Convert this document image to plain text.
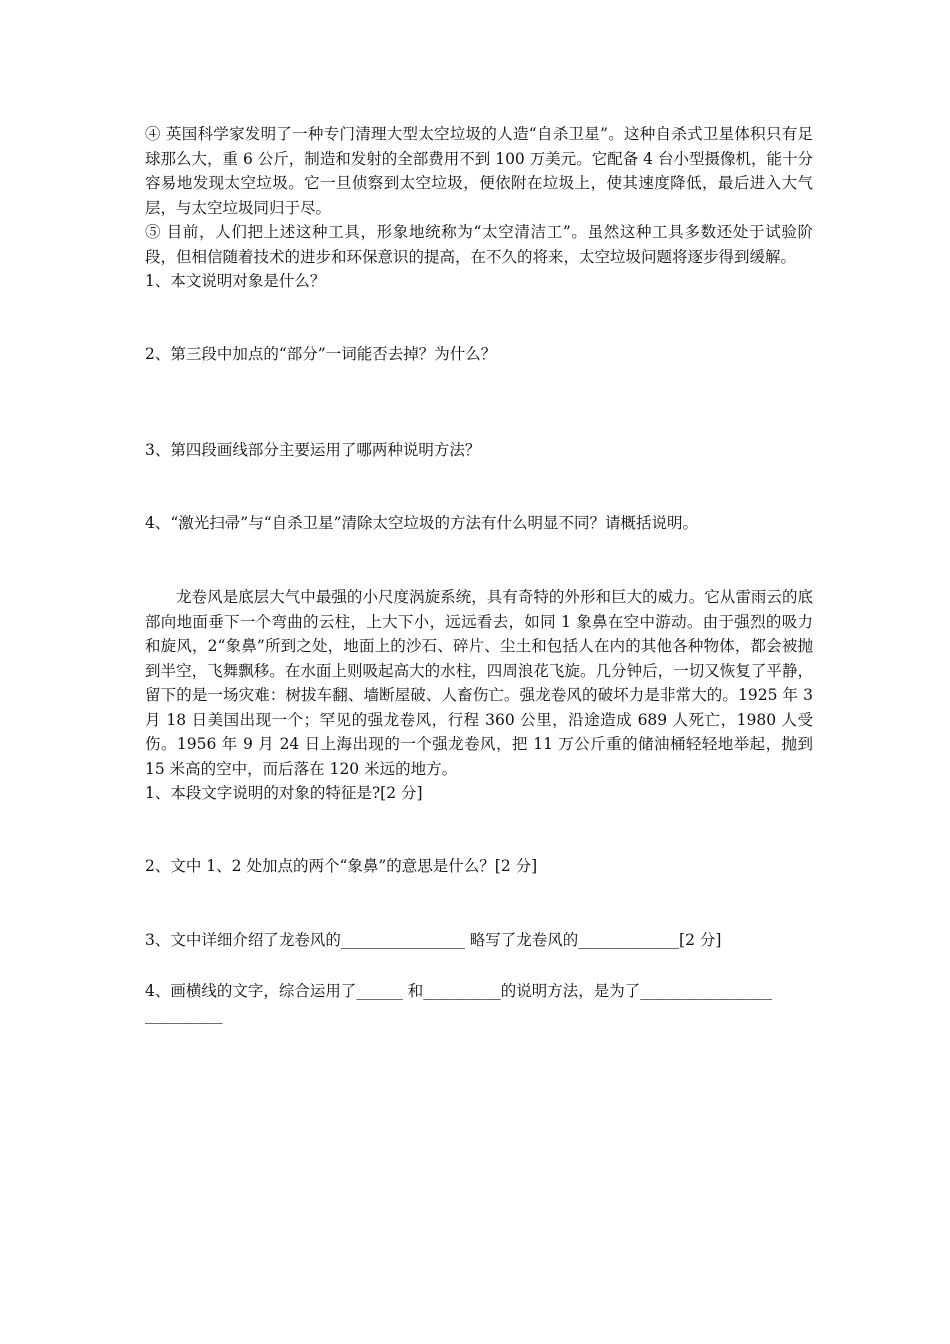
④ 英国科学家发明了一种专门清理大型太空垃圾的人造“自杀卫星”。这种自杀式卫星体积只有足球那么大，重 6 公斤，制造和发射的全部费用不到 100 万美元。它配备 4 台小型摄像机，能十分容易地发现太空垃圾。它一旦侦察到太空垃圾，便依附在垃圾上，使其速度降低，最后进入大气层，与太空垃圾同归于尽。

⑤ 目前，人们把上述这种工具，形象地统称为“太空清洁工”。虽然这种工具多数还处于试验阶段，但相信随着技术的进步和环保意识的提高，在不久的将来，太空垃圾问题将逐步得到缓解。

1、本文说明对象是什么？

2、第三段中加点的“部分”一词能否去掉？为什么？

3、第四段画线部分主要运用了哪两种说明方法？

4、“激光扫帚”与“自杀卫星”清除太空垃圾的方法有什么明显不同？请概括说明。

龙卷风是底层大气中最强的小尺度涡旋系统，具有奇特的外形和巨大的威力。它从雷雨云的底部向地面垂下一个弯曲的云柱，上大下小，远远看去，如同 1 象鼻在空中游动。由于强烈的吸力和旋风，2“象鼻”所到之处，地面上的沙石、碎片、尘土和包括人在内的其他各种物体，都会被抛到半空，飞舞飘移。在水面上则吸起高大的水柱，四周浪花飞旋。几分钟后，一切又恢复了平静，留下的是一场灾难：树拔车翻、墙断屋破、人畜伤亡。强龙卷风的破坏力是非常大的。1925 年 3 月 18 日美国出现一个；罕见的强龙卷风，行程 360 公里，沿途造成 689 人死亡，1980 人受伤。1956 年 9 月 24 日上海出现的一个强龙卷风，把 11 万公斤重的储油桶轻轻地举起，抛到 15 米高的空中，而后落在 120 米远的地方。

1、本段文字说明的对象的特征是?[2 分]

2、文中 1、2 处加点的两个“象鼻”的意思是什么？[2 分]

3、文中详细介绍了龙卷风的________________ 略写了龙卷风的_____________[2 分]

4、画横线的文字，综合运用了______ 和__________的说明方法，是为了_________________
__________
